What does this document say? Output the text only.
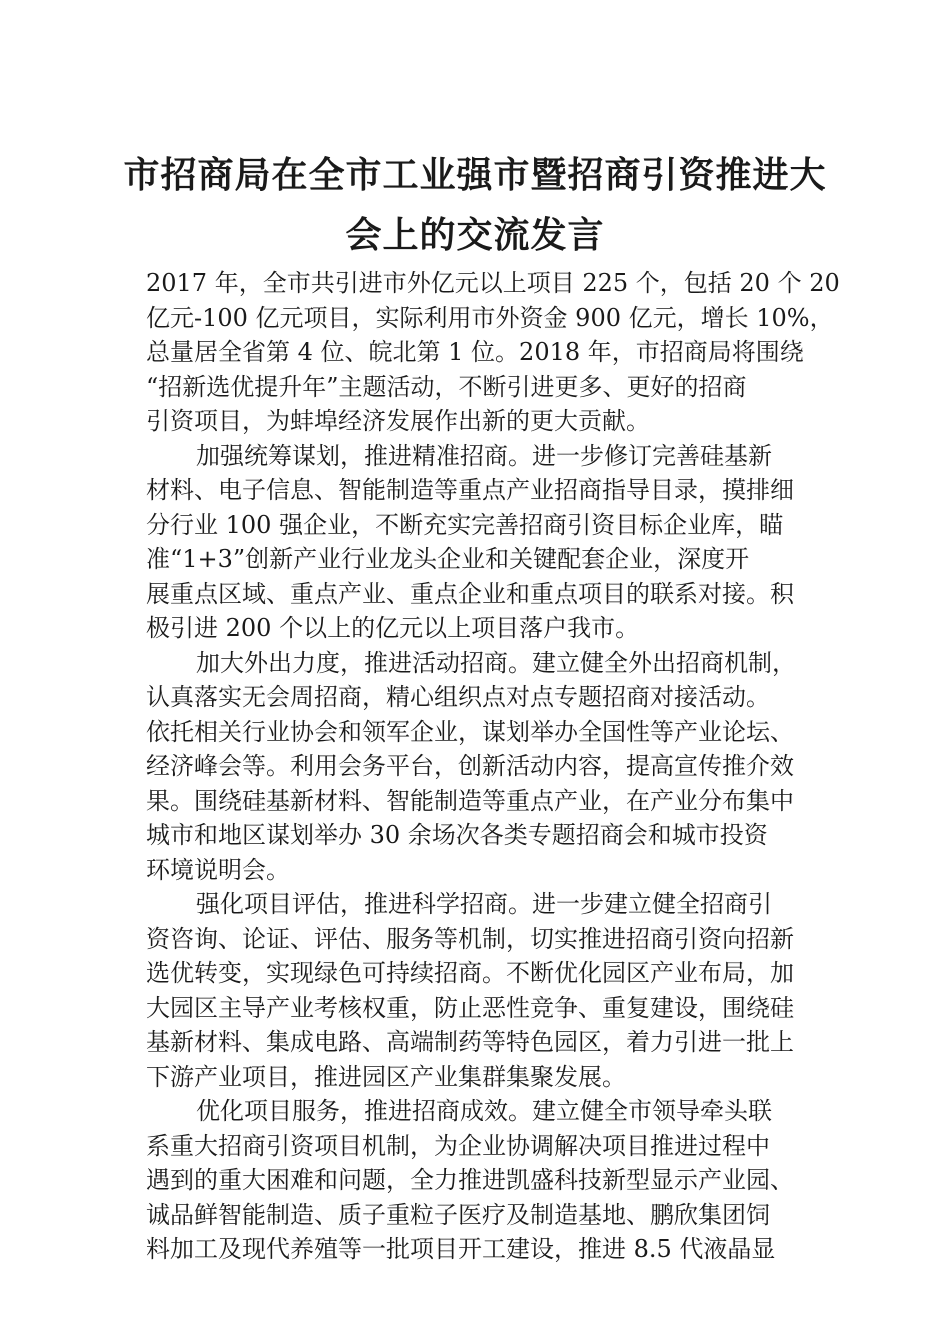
市招商局在全市工业强市暨招商引资推进大
会上的交流发言
2017 年，全市共引进市外亿元以上项目 225 个，包括 20 个 20
亿元-100 亿元项目，实际利用市外资金 900 亿元，增长 10%，
总量居全省第 4 位、皖北第 1 位。2018 年，市招商局将围绕
“招新选优提升年”主题活动，不断引进更多、更好的招商
引资项目，为蚌埠经济发展作出新的更大贡献。
加强统筹谋划，推进精准招商。进一步修订完善硅基新
材料、电子信息、智能制造等重点产业招商指导目录，摸排细
分行业 100 强企业，不断充实完善招商引资目标企业库，瞄
准“1+3”创新产业行业龙头企业和关键配套企业，深度开
展重点区域、重点产业、重点企业和重点项目的联系对接。积
极引进 200 个以上的亿元以上项目落户我市。
加大外出力度，推进活动招商。建立健全外出招商机制，
认真落实无会周招商，精心组织点对点专题招商对接活动。
依托相关行业协会和领军企业，谋划举办全国性等产业论坛、
经济峰会等。利用会务平台，创新活动内容，提高宣传推介效
果。围绕硅基新材料、智能制造等重点产业，在产业分布集中
城市和地区谋划举办 30 余场次各类专题招商会和城市投资
环境说明会。
强化项目评估，推进科学招商。进一步建立健全招商引
资咨询、论证、评估、服务等机制，切实推进招商引资向招新
选优转变，实现绿色可持续招商。不断优化园区产业布局，加
大园区主导产业考核权重，防止恶性竞争、重复建设，围绕硅
基新材料、集成电路、高端制药等特色园区，着力引进一批上
下游产业项目，推进园区产业集群集聚发展。
优化项目服务，推进招商成效。建立健全市领导牵头联
系重大招商引资项目机制，为企业协调解决项目推进过程中
遇到的重大困难和问题，全力推进凯盛科技新型显示产业园、
诚品鲜智能制造、质子重粒子医疗及制造基地、鹏欣集团饲
料加工及现代养殖等一批项目开工建设，推进 8.5 代液晶显
